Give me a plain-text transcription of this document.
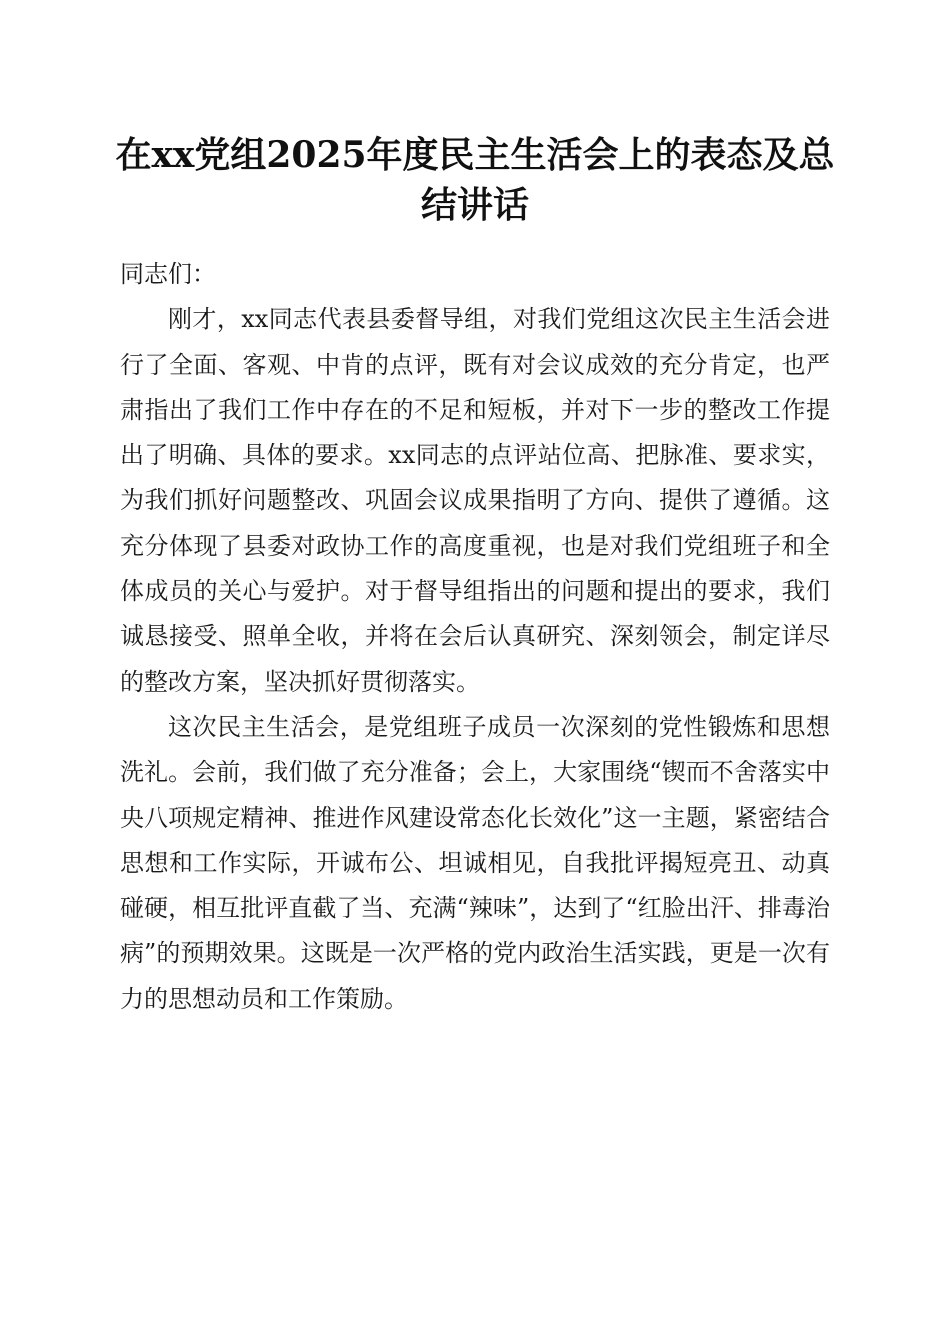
在xx党组2025年度民主生活会上的表态及总结讲话

同志们：

刚才，xx同志代表县委督导组，对我们党组这次民主生活会进行了全面、客观、中肯的点评，既有对会议成效的充分肯定，也严肃指出了我们工作中存在的不足和短板，并对下一步的整改工作提出了明确、具体的要求。xx同志的点评站位高、把脉准、要求实，为我们抓好问题整改、巩固会议成果指明了方向、提供了遵循。这充分体现了县委对政协工作的高度重视，也是对我们党组班子和全体成员的关心与爱护。对于督导组指出的问题和提出的要求，我们诚恳接受、照单全收，并将在会后认真研究、深刻领会，制定详尽的整改方案，坚决抓好贯彻落实。

这次民主生活会，是党组班子成员一次深刻的党性锻炼和思想洗礼。会前，我们做了充分准备；会上，大家围绕“锲而不舍落实中央八项规定精神、推进作风建设常态化长效化”这一主题，紧密结合思想和工作实际，开诚布公、坦诚相见，自我批评揭短亮丑、动真碰硬，相互批评直截了当、充满“辣味”，达到了“红脸出汗、排毒治病”的预期效果。这既是一次严格的党内政治生活实践，更是一次有力的思想动员和工作策励。
